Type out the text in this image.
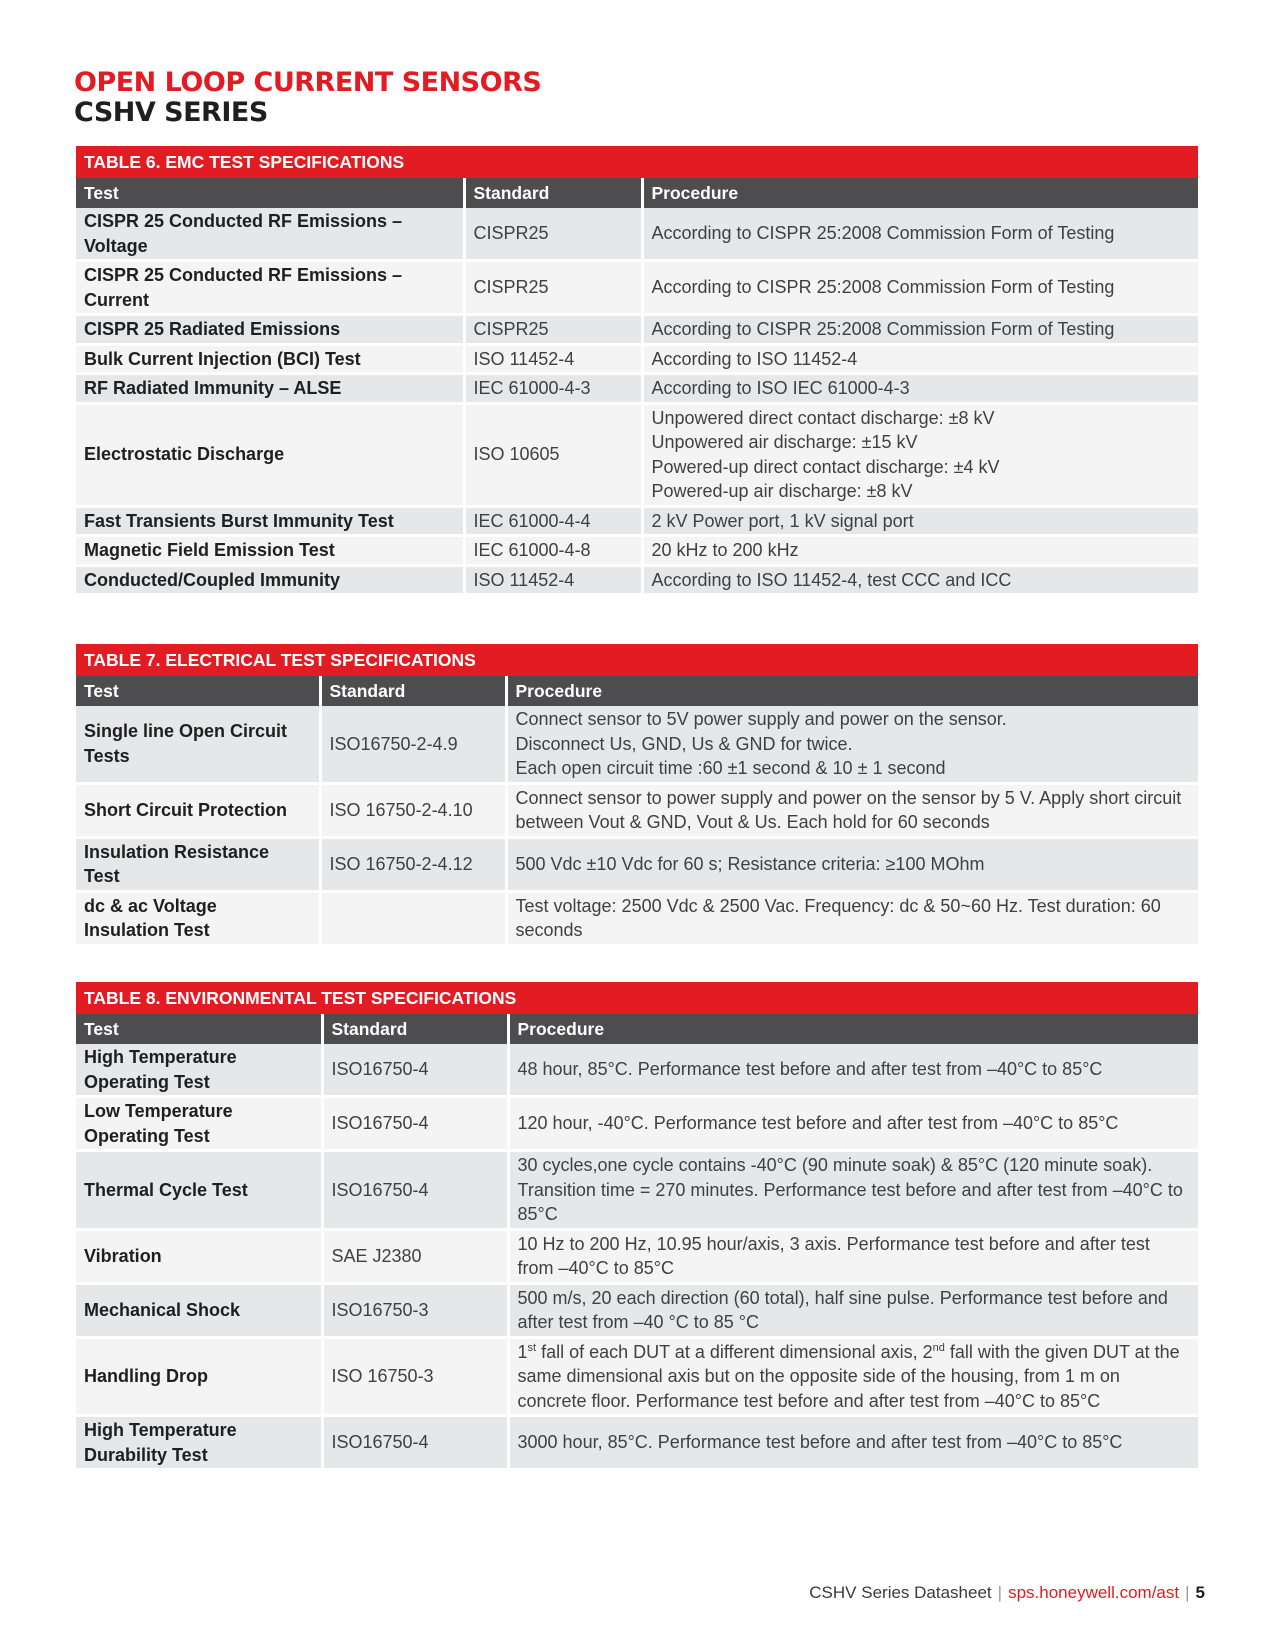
OPEN LOOP CURRENT SENSORS
CSHV SERIES
TABLE 6. EMC TEST SPECIFICATIONS		
Test	Standard	Procedure
CISPR 25 Conducted RF Emissions – Voltage	CISPR25	According to CISPR 25:2008 Commission Form of Testing
CISPR 25 Conducted RF Emissions – Current	CISPR25	According to CISPR 25:2008 Commission Form of Testing
CISPR 25 Radiated Emissions	CISPR25	According to CISPR 25:2008 Commission Form of Testing
Bulk Current Injection (BCI) Test	ISO 11452-4	According to ISO 11452-4
RF Radiated Immunity – ALSE	IEC 61000-4-3	According to ISO IEC 61000-4-3
Electrostatic Discharge	ISO 10605	Unpowered direct contact discharge: ±8 kV
Unpowered air discharge: ±15 kV
Powered-up direct contact discharge: ±4 kV
Powered-up air discharge: ±8 kV
Fast Transients Burst Immunity Test	IEC 61000-4-4	2 kV Power port, 1 kV signal port
Magnetic Field Emission Test	IEC 61000-4-8	20 kHz to 200 kHz
Conducted/Coupled Immunity	ISO 11452-4	According to ISO 11452-4, test CCC and ICC
TABLE 7. ELECTRICAL TEST SPECIFICATIONS		
Test	Standard	Procedure
Single line Open Circuit Tests	ISO16750-2-4.9	Connect sensor to 5V power supply and power on the sensor.
Disconnect Us, GND, Us & GND for twice.
Each open circuit time :60 ±1 second & 10 ± 1 second
Short Circuit Protection	ISO 16750-2-4.10	Connect sensor to power supply and power on the sensor by 5 V. Apply short circuit between Vout & GND, Vout & Us. Each hold for 60 seconds
Insulation Resistance Test	ISO 16750-2-4.12	500 Vdc ±10 Vdc for 60 s; Resistance criteria: ≥100 MOhm
dc & ac Voltage Insulation Test		Test voltage: 2500 Vdc & 2500 Vac. Frequency: dc & 50~60 Hz. Test duration: 60 seconds
TABLE 8. ENVIRONMENTAL TEST SPECIFICATIONS		
Test	Standard	Procedure
High Temperature Operating Test	ISO16750-4	48 hour, 85°C. Performance test before and after test from –40°C to 85°C
Low Temperature Operating Test	ISO16750-4	120 hour, -40°C. Performance test before and after test from –40°C to 85°C
Thermal Cycle Test	ISO16750-4	30 cycles,one cycle contains -40°C (90 minute soak) & 85°C (120 minute soak). Transition time = 270 minutes. Performance test before and after test from –40°C to 85°C
Vibration	SAE J2380	10 Hz to 200 Hz, 10.95 hour/axis, 3 axis. Performance test before and after test from –40°C to 85°C
Mechanical Shock	ISO16750-3	500 m/s, 20 each direction (60 total), half sine pulse. Performance test before and after test from –40 °C to 85 °C
Handling Drop	ISO 16750-3	1st fall of each DUT at a different dimensional axis, 2nd fall with the given DUT at the same dimensional axis but on the opposite side of the housing, from 1 m on concrete floor. Performance test before and after test from –40°C to 85°C
High Temperature Durability Test	ISO16750-4	3000 hour, 85°C. Performance test before and after test from –40°C to 85°C
CSHV Series Datasheet | sps.honeywell.com/ast | 5
